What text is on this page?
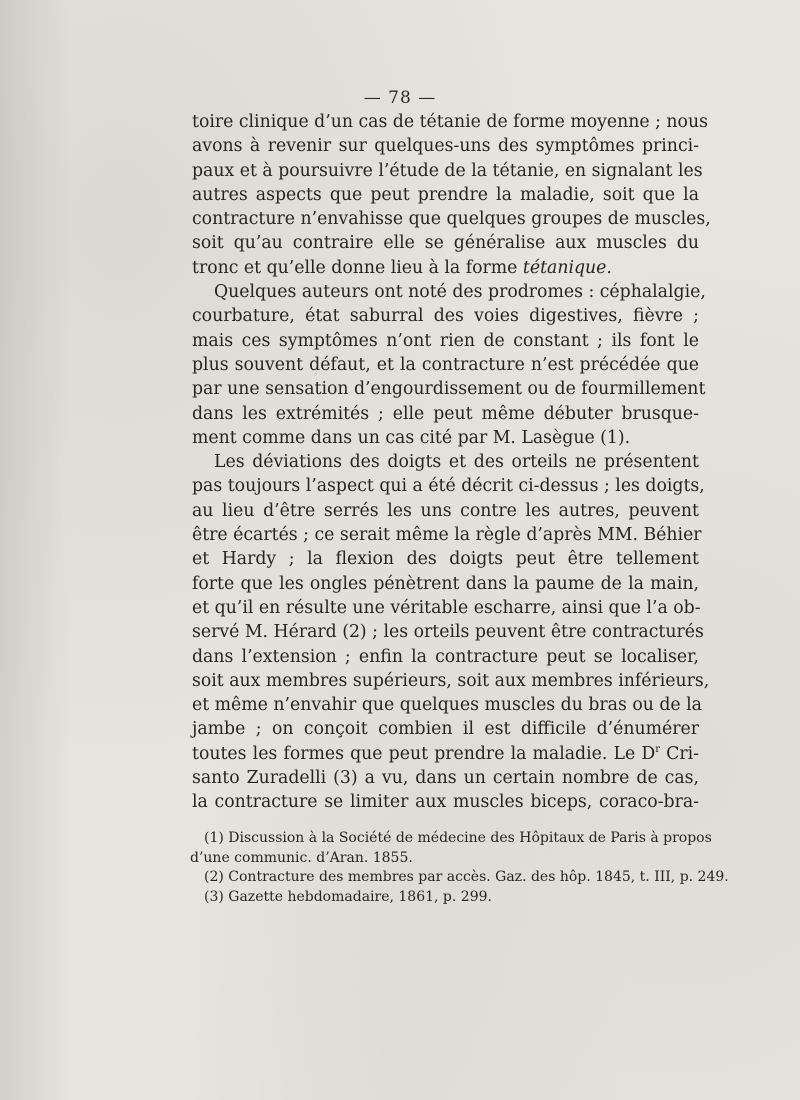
— 78 —
toire clinique d’un cas de tétanie de forme moyenne ; nous
avons à revenir sur quelques-uns des symptômes princi-
paux et à poursuivre l’étude de la tétanie, en signalant les
autres aspects que peut prendre la maladie, soit que la
contracture n’envahisse que quelques groupes de muscles,
soit qu’au contraire elle se généralise aux muscles du
tronc et qu’elle donne lieu à la forme tétanique.
Quelques auteurs ont noté des prodromes : céphalalgie,
courbature, état saburral des voies digestives, fièvre ;
mais ces symptômes n’ont rien de constant ; ils font le
plus souvent défaut, et la contracture n’est précédée que
par une sensation d’engourdissement ou de fourmillement
dans les extrémités ; elle peut même débuter brusque-
ment comme dans un cas cité par M. Lasègue (1).
Les déviations des doigts et des orteils ne présentent
pas toujours l’aspect qui a été décrit ci-dessus ; les doigts,
au lieu d’être serrés les uns contre les autres, peuvent
être écartés ; ce serait même la règle d’après MM. Béhier
et Hardy ; la flexion des doigts peut être tellement
forte que les ongles pénètrent dans la paume de la main,
et qu’il en résulte une véritable escharre, ainsi que l’a ob-
servé M. Hérard (2) ; les orteils peuvent être contracturés
dans l’extension ; enfin la contracture peut se localiser,
soit aux membres supérieurs, soit aux membres inférieurs,
et même n’envahir que quelques muscles du bras ou de la
jambe ; on conçoit combien il est difficile d’énumérer
toutes les formes que peut prendre la maladie. Le $D^r$ Cri-
santo Zuradelli (3) a vu, dans un certain nombre de cas,
la contracture se limiter aux muscles biceps, coraco-bra-
(1) Discussion à la Société de médecine des Hôpitaux de Paris à propos
d’une communic. d’Aran. 1855.
(2) Contracture des membres par accès. Gaz. des hôp. 1845, t. III, p. 249.
(3) Gazette hebdomadaire, 1861, p. 299.
